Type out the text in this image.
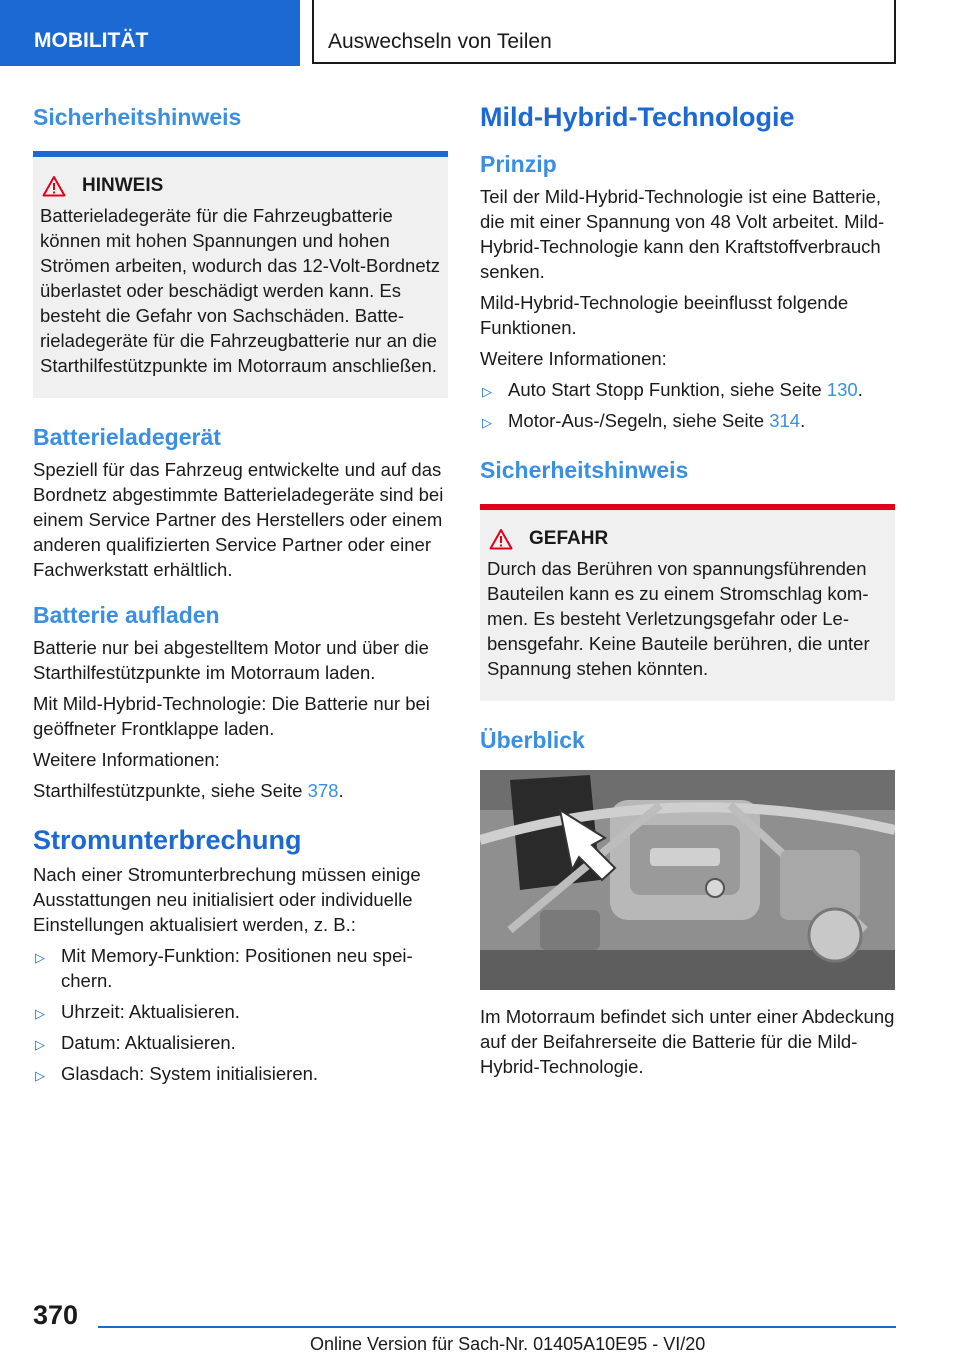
MOBILITÄT	Auswechseln von Teilen
Sicherheitshinweis
HINWEIS

Batterieladegeräte für die Fahrzeugbatterie können mit hohen Spannungen und hohen Strömen arbeiten, wodurch das 12-Volt-Bordnetz überlastet oder beschädigt werden kann. Es besteht die Gefahr von Sachschäden. Batterieladegeräte für die Fahrzeugbatterie nur an die Starthilfestützpunkte im Motorraum anschließen.

Batterieladegerät

Speziell für das Fahrzeug entwickelte und auf das Bordnetz abgestimmte Batterieladegeräte sind bei einem Service Partner des Herstellers oder einem anderen qualifizierten Service Partner oder einer Fachwerkstatt erhältlich.

Batterie aufladen

Batterie nur bei abgestelltem Motor und über die Starthilfestützpunkte im Motorraum laden.

Mit Mild-Hybrid-Technologie: Die Batterie nur bei geöffneter Frontklappe laden.

Weitere Informationen:

Starthilfestützpunkte, siehe Seite 378.

Stromunterbrechung

Nach einer Stromunterbrechung müssen einige Ausstattungen neu initialisiert oder individuelle Einstellungen aktualisiert werden, z. B.:

▷ Mit Memory-Funktion: Positionen neu speichern.
▷ Uhrzeit: Aktualisieren.
▷ Datum: Aktualisieren.
▷ Glasdach: System initialisieren.
Mild-Hybrid-Technologie
Prinzip

Teil der Mild-Hybrid-Technologie ist eine Batterie, die mit einer Spannung von 48 Volt arbeitet. Mild-Hybrid-Technologie kann den Kraftstoffverbrauch senken.

Mild-Hybrid-Technologie beeinflusst folgende Funktionen.

Weitere Informationen:

▷ Auto Start Stopp Funktion, siehe Seite 130.
▷ Motor-Aus-/Segeln, siehe Seite 314.
Sicherheitshinweis
GEFAHR

Durch das Berühren von spannungsführenden Bauteilen kann es zu einem Stromschlag kommen. Es besteht Verletzungsgefahr oder Lebensgefahr. Keine Bauteile berühren, die unter Spannung stehen könnten.

Überblick

Im Motorraum befindet sich unter einer Abdeckung auf der Beifahrerseite die Batterie für die Mild-Hybrid-Technologie.

370
Online Version für Sach-Nr. 01405A10E95 - VI/20
